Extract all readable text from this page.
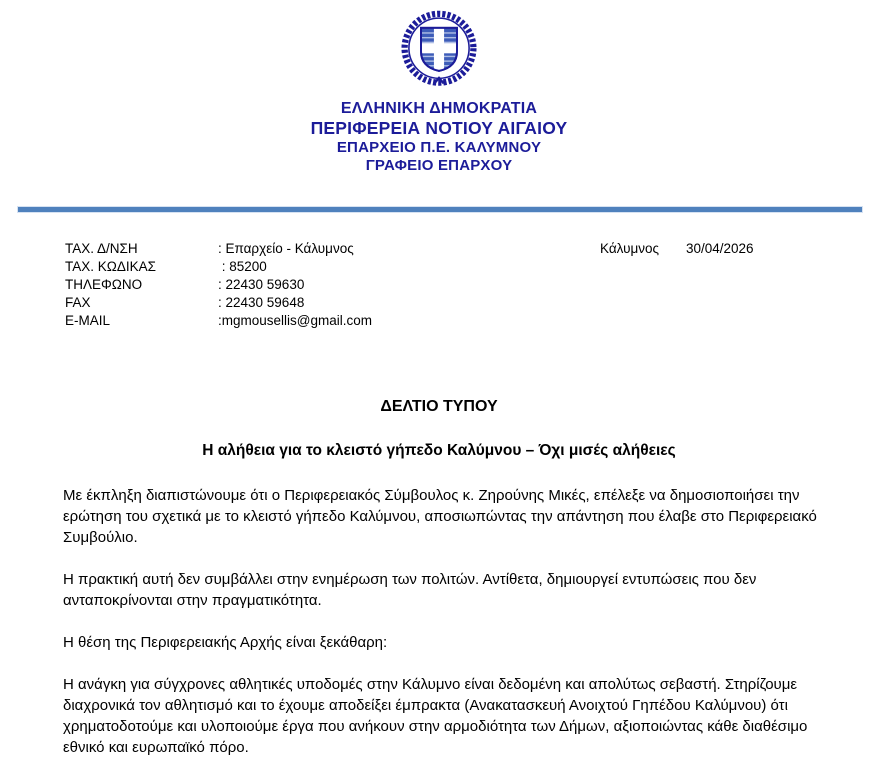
ΕΛΛΗΝΙΚΗ ΔΗΜΟΚΡΑΤΙΑ
ΠΕΡΙΦΕΡΕΙΑ ΝΟΤΙΟΥ ΑΙΓΑΙΟΥ
ΕΠΑΡΧΕΙΟ Π.Ε. ΚΑΛΥΜΝΟΥ
ΓΡΑΦΕΙΟ ΕΠΑΡΧΟΥ
ΤΑΧ. Δ/ΝΣΗ	: Επαρχείο - Κάλυμνος
ΤΑΧ. ΚΩΔΙΚΑΣ	: 85200
ΤΗΛΕΦΩΝΟ	: 22430 59630
FAX	: 22430 59648
E-MAIL	:mgmousellis@gmail.com
Κάλυμνος 30/04/2026
ΔΕΛΤΙΟ ΤΥΠΟΥ
Η αλήθεια για το κλειστό γήπεδο Καλύμνου – Όχι μισές αλήθειες

Με έκπληξη διαπιστώνουμε ότι ο Περιφερειακός Σύμβουλος κ. Ζηρούνης Μικές, επέλεξε να δημοσιοποιήσει την ερώτηση του σχετικά με το κλειστό γήπεδο Καλύμνου, αποσιωπώντας την απάντηση που έλαβε στο Περιφερειακό Συμβούλιο.

Η πρακτική αυτή δεν συμβάλλει στην ενημέρωση των πολιτών. Αντίθετα, δημιουργεί εντυπώσεις που δεν ανταποκρίνονται στην πραγματικότητα.

Η θέση της Περιφερειακής Αρχής είναι ξεκάθαρη:

Η ανάγκη για σύγχρονες αθλητικές υποδομές στην Κάλυμνο είναι δεδομένη και απολύτως σεβαστή. Στηρίζουμε διαχρονικά τον αθλητισμό και το έχουμε αποδείξει έμπρακτα (Ανακατασκευή Ανοιχτού Γηπέδου Καλύμνου) ότι χρηματοδοτούμε και υλοποιούμε έργα που ανήκουν στην αρμοδιότητα των Δήμων, αξιοποιώντας κάθε διαθέσιμο εθνικό και ευρωπαϊκό πόρο.
